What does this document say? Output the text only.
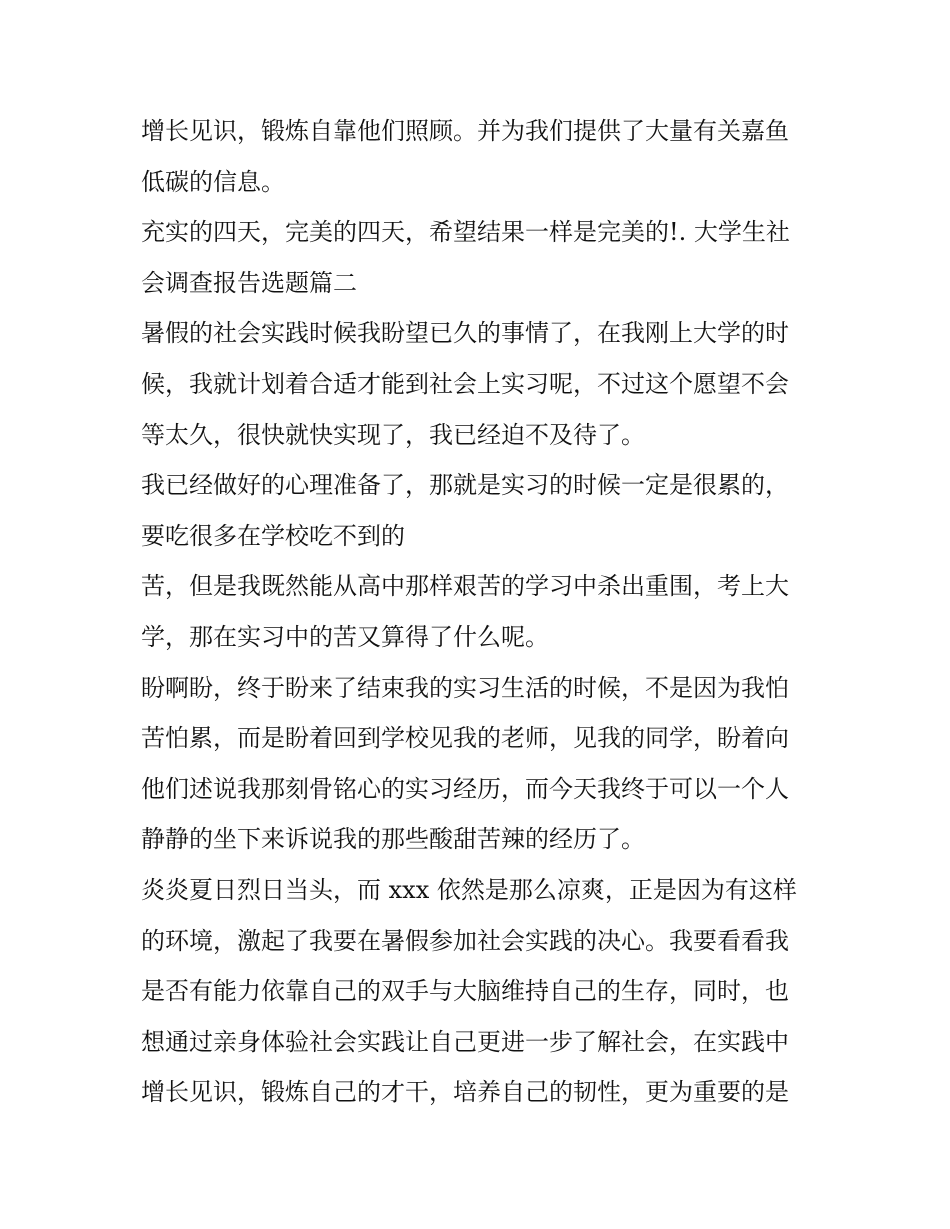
增长见识，锻炼自靠他们照顾。并为我们提供了大量有关嘉鱼
低碳的信息。
充实的四天，完美的四天，希望结果一样是完美的!. 大学生社
会调查报告选题篇二
暑假的社会实践时候我盼望已久的事情了，在我刚上大学的时
候，我就计划着合适才能到社会上实习呢，不过这个愿望不会
等太久，很快就快实现了，我已经迫不及待了。
我已经做好的心理准备了，那就是实习的时候一定是很累的，
要吃很多在学校吃不到的
苦，但是我既然能从高中那样艰苦的学习中杀出重围，考上大
学，那在实习中的苦又算得了什么呢。
盼啊盼，终于盼来了结束我的实习生活的时候，不是因为我怕
苦怕累，而是盼着回到学校见我的老师，见我的同学，盼着向
他们述说我那刻骨铭心的实习经历，而今天我终于可以一个人
静静的坐下来诉说我的那些酸甜苦辣的经历了。
炎炎夏日烈日当头，而 xxx 依然是那么凉爽，正是因为有这样
的环境，激起了我要在暑假参加社会实践的决心。我要看看我
是否有能力依靠自己的双手与大脑维持自己的生存，同时，也
想通过亲身体验社会实践让自己更进一步了解社会，在实践中
增长见识，锻炼自己的才干，培养自己的韧性，更为重要的是
